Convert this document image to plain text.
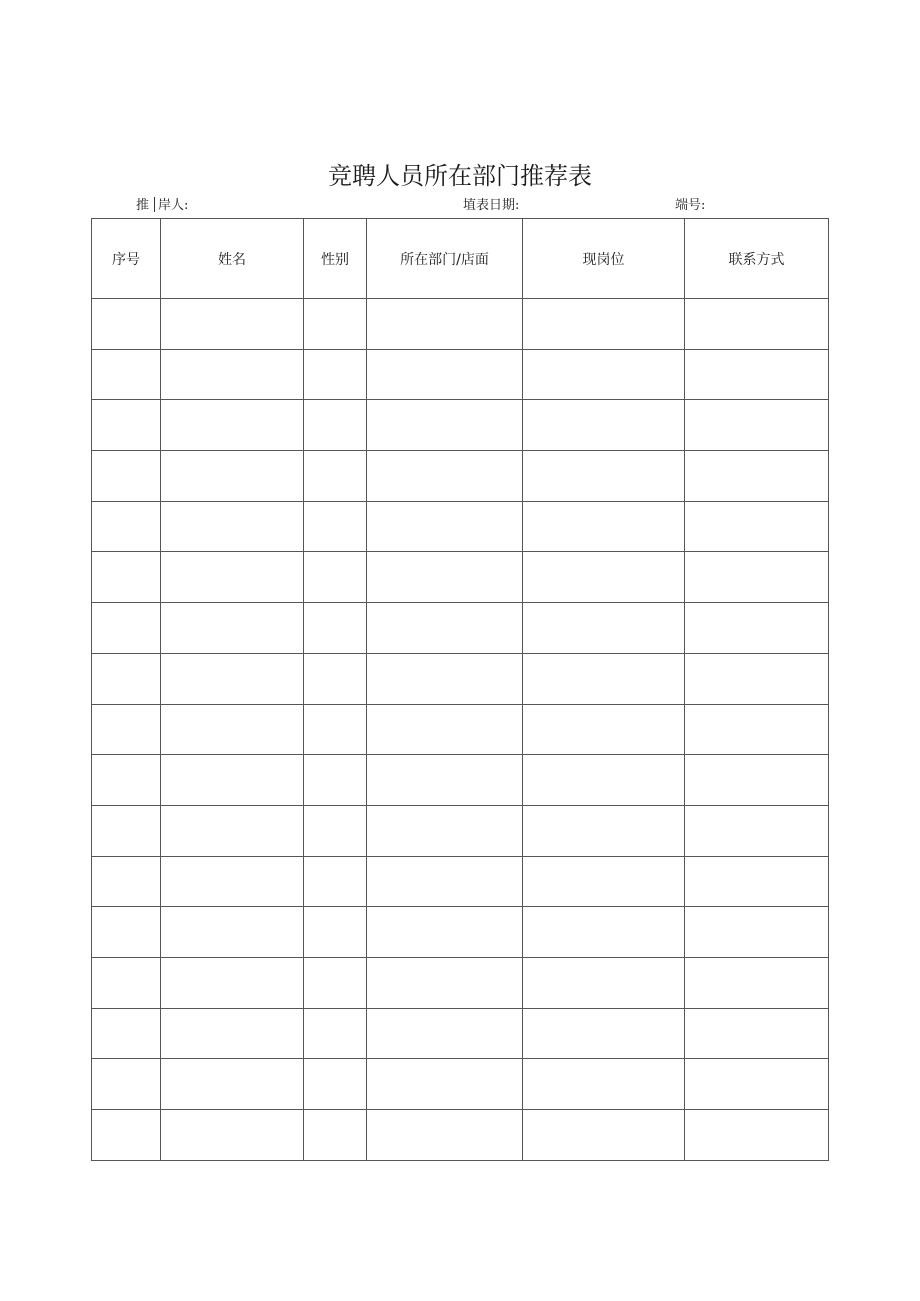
竞聘人员所在部门推荐表
推 岸人:	埴表日期:	端号:
序号	姓名	性别	所在部门/店面	现岗位	联系方式
